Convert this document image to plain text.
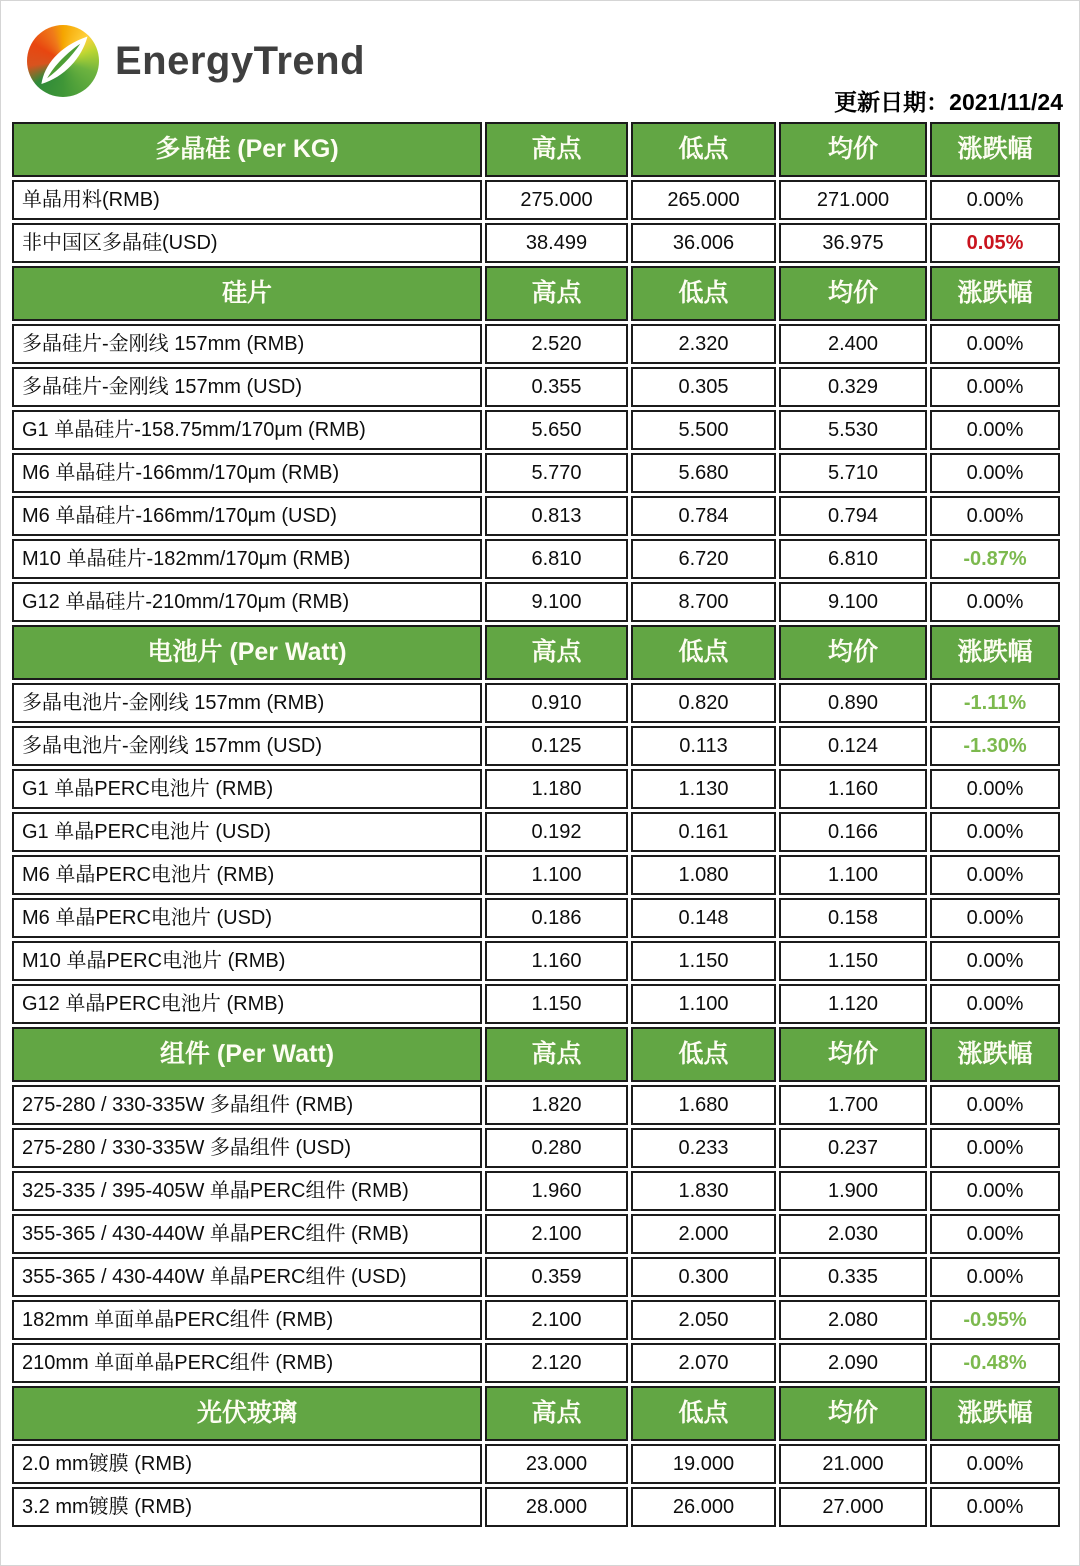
EnergyTrend
更新日期：2021/11/24
多晶硅 (Per KG)	高点	低点	均价	涨跌幅
单晶用料(RMB)	275.000	265.000	271.000	0.00%
非中国区多晶硅(USD)	38.499	36.006	36.975	0.05%
硅片	高点	低点	均价	涨跌幅
多晶硅片-金刚线 157mm (RMB)	2.520	2.320	2.400	0.00%
多晶硅片-金刚线 157mm (USD)	0.355	0.305	0.329	0.00%
G1 单晶硅片-158.75mm/170μm (RMB)	5.650	5.500	5.530	0.00%
M6 单晶硅片-166mm/170μm (RMB)	5.770	5.680	5.710	0.00%
M6 单晶硅片-166mm/170μm (USD)	0.813	0.784	0.794	0.00%
M10 单晶硅片-182mm/170μm (RMB)	6.810	6.720	6.810	-0.87%
G12 单晶硅片-210mm/170μm (RMB)	9.100	8.700	9.100	0.00%
电池片 (Per Watt)	高点	低点	均价	涨跌幅
多晶电池片-金刚线 157mm (RMB)	0.910	0.820	0.890	-1.11%
多晶电池片-金刚线 157mm (USD)	0.125	0.113	0.124	-1.30%
G1 单晶PERC电池片 (RMB)	1.180	1.130	1.160	0.00%
G1 单晶PERC电池片 (USD)	0.192	0.161	0.166	0.00%
M6 单晶PERC电池片 (RMB)	1.100	1.080	1.100	0.00%
M6 单晶PERC电池片 (USD)	0.186	0.148	0.158	0.00%
M10 单晶PERC电池片 (RMB)	1.160	1.150	1.150	0.00%
G12 单晶PERC电池片 (RMB)	1.150	1.100	1.120	0.00%
组件 (Per Watt)	高点	低点	均价	涨跌幅
275-280 / 330-335W 多晶组件 (RMB)	1.820	1.680	1.700	0.00%
275-280 / 330-335W 多晶组件 (USD)	0.280	0.233	0.237	0.00%
325-335 / 395-405W 单晶PERC组件 (RMB)	1.960	1.830	1.900	0.00%
355-365 / 430-440W 单晶PERC组件 (RMB)	2.100	2.000	2.030	0.00%
355-365 / 430-440W 单晶PERC组件 (USD)	0.359	0.300	0.335	0.00%
182mm 单面单晶PERC组件 (RMB)	2.100	2.050	2.080	-0.95%
210mm 单面单晶PERC组件 (RMB)	2.120	2.070	2.090	-0.48%
光伏玻璃	高点	低点	均价	涨跌幅
2.0 mm镀膜 (RMB)	23.000	19.000	21.000	0.00%
3.2 mm镀膜 (RMB)	28.000	26.000	27.000	0.00%
